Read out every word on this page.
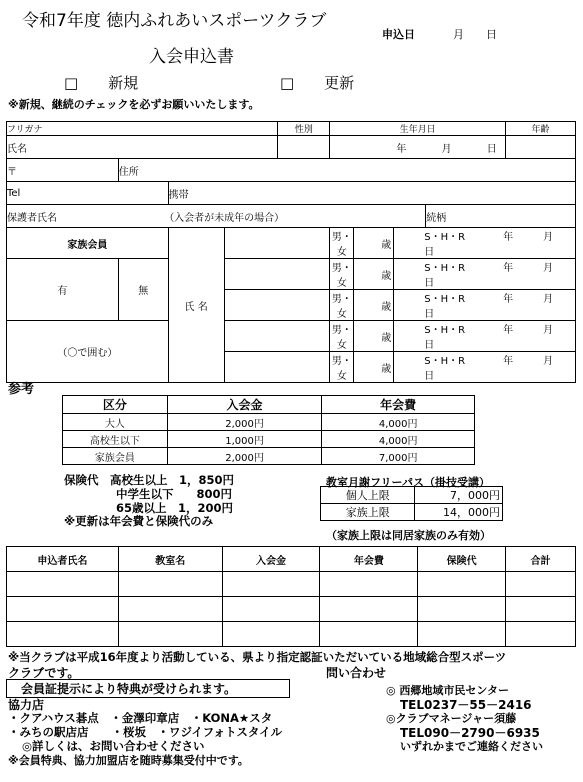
令和7年度 徳内ふれあいスポーツクラブ
申込日	月 日
入会申込書
□　　新規	□　　更新
※新規、継続のチェックを必ずお願いいたします。
フリガナ				性別	生年月日				年齢
氏名					年 月 日				
〒	住所								
Tel		携帯							
保護者氏名 （入会者が未成年の場合）								続柄	
家族会員		氏 名			男・女	歳	S・H・R 年 月日		
有	無				男・女	歳	S・H・R 年 月日		
					男・女	歳	S・H・R 年 月日		
（〇で囲む）					男・女	歳	S・H・R 年 月日		
					男・女	歳	S・H・R 年 月日		
参考
区分	入会金	年会費
大人	2,000円	4,000円
高校生以下	1,000円	4,000円
家族会員	2,000円	7,000円
保険代　高校生以上　1，850円
中学生以下　　800円
65歳以上　1，200円
※更新は年会費と保険代のみ
教室月謝フリーパス（掛技受講）
個人上限	7，000円
家族上限	14，000円
（家族上限は同居家族のみ有効）
申込者氏名	教室名	入会金	年会費	保険代	合計

※当クラブは平成16年度より活動している、県より指定認証いただいている地域総合型スポーツ
クラブです。	問い合わせ
会員証提示により特典が受けられます。
協力店
・クアハウス碁点　・金澤印章店　・KONA★スタ
・みちの駅店店　　・桜坂　・ワジイフォトスタイル
◎詳しくは、お問い合わせください
※会員特典、協力加盟店を随時募集受付中です。
◎ 西郷地域市民センター
TEL0237－55－2416
◎クラブマネージャー須藤
TEL090－2790－6935
いずれかまでご連絡ください
